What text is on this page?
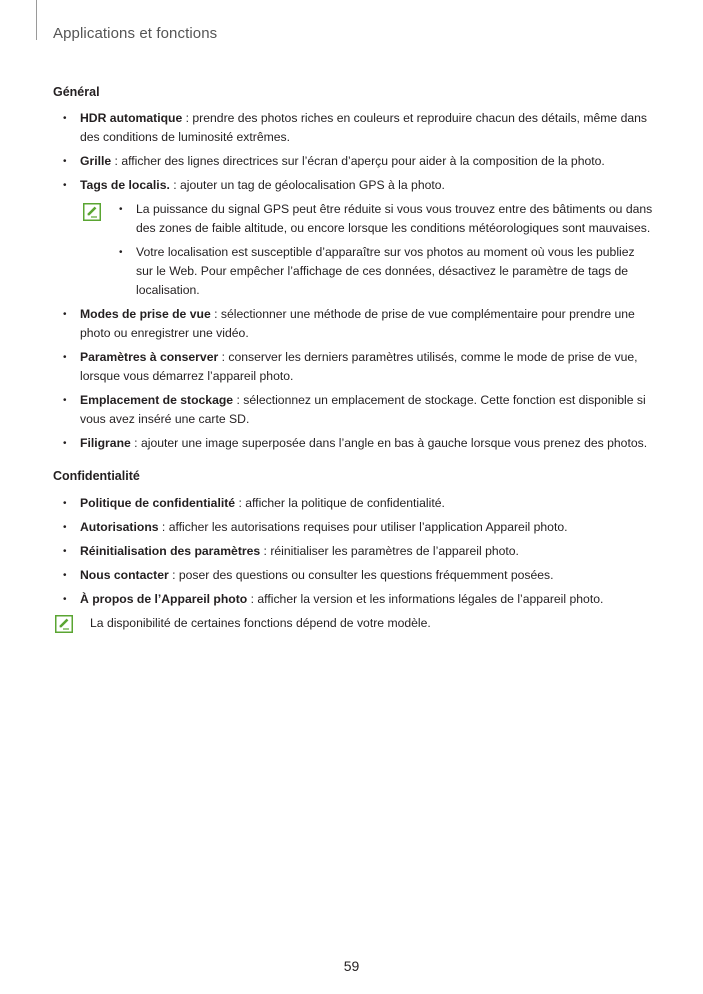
Applications et fonctions

Général

• HDR automatique : prendre des photos riches en couleurs et reproduire chacun des détails, même dans des conditions de luminosité extrêmes.
• Grille : afficher des lignes directrices sur l’écran d’aperçu pour aider à la composition de la photo.
• Tags de localis. : ajouter un tag de géolocalisation GPS à la photo.
• La puissance du signal GPS peut être réduite si vous vous trouvez entre des bâtiments ou dans des zones de faible altitude, ou encore lorsque les conditions météorologiques sont mauvaises.
• Votre localisation est susceptible d’apparaître sur vos photos au moment où vous les publiez sur le Web. Pour empêcher l’affichage de ces données, désactivez le paramètre de tags de localisation.
• Modes de prise de vue : sélectionner une méthode de prise de vue complémentaire pour prendre une photo ou enregistrer une vidéo.
• Paramètres à conserver : conserver les derniers paramètres utilisés, comme le mode de prise de vue, lorsque vous démarrez l’appareil photo.
• Emplacement de stockage : sélectionnez un emplacement de stockage. Cette fonction est disponible si vous avez inséré une carte SD.
• Filigrane : ajouter une image superposée dans l’angle en bas à gauche lorsque vous prenez des photos.

Confidentialité

• Politique de confidentialité : afficher la politique de confidentialité.
• Autorisations : afficher les autorisations requises pour utiliser l’application Appareil photo.
• Réinitialisation des paramètres : réinitialiser les paramètres de l’appareil photo.
• Nous contacter : poser des questions ou consulter les questions fréquemment posées.
• À propos de l’Appareil photo : afficher la version et les informations légales de l’appareil photo.
La disponibilité de certaines fonctions dépend de votre modèle.
59
